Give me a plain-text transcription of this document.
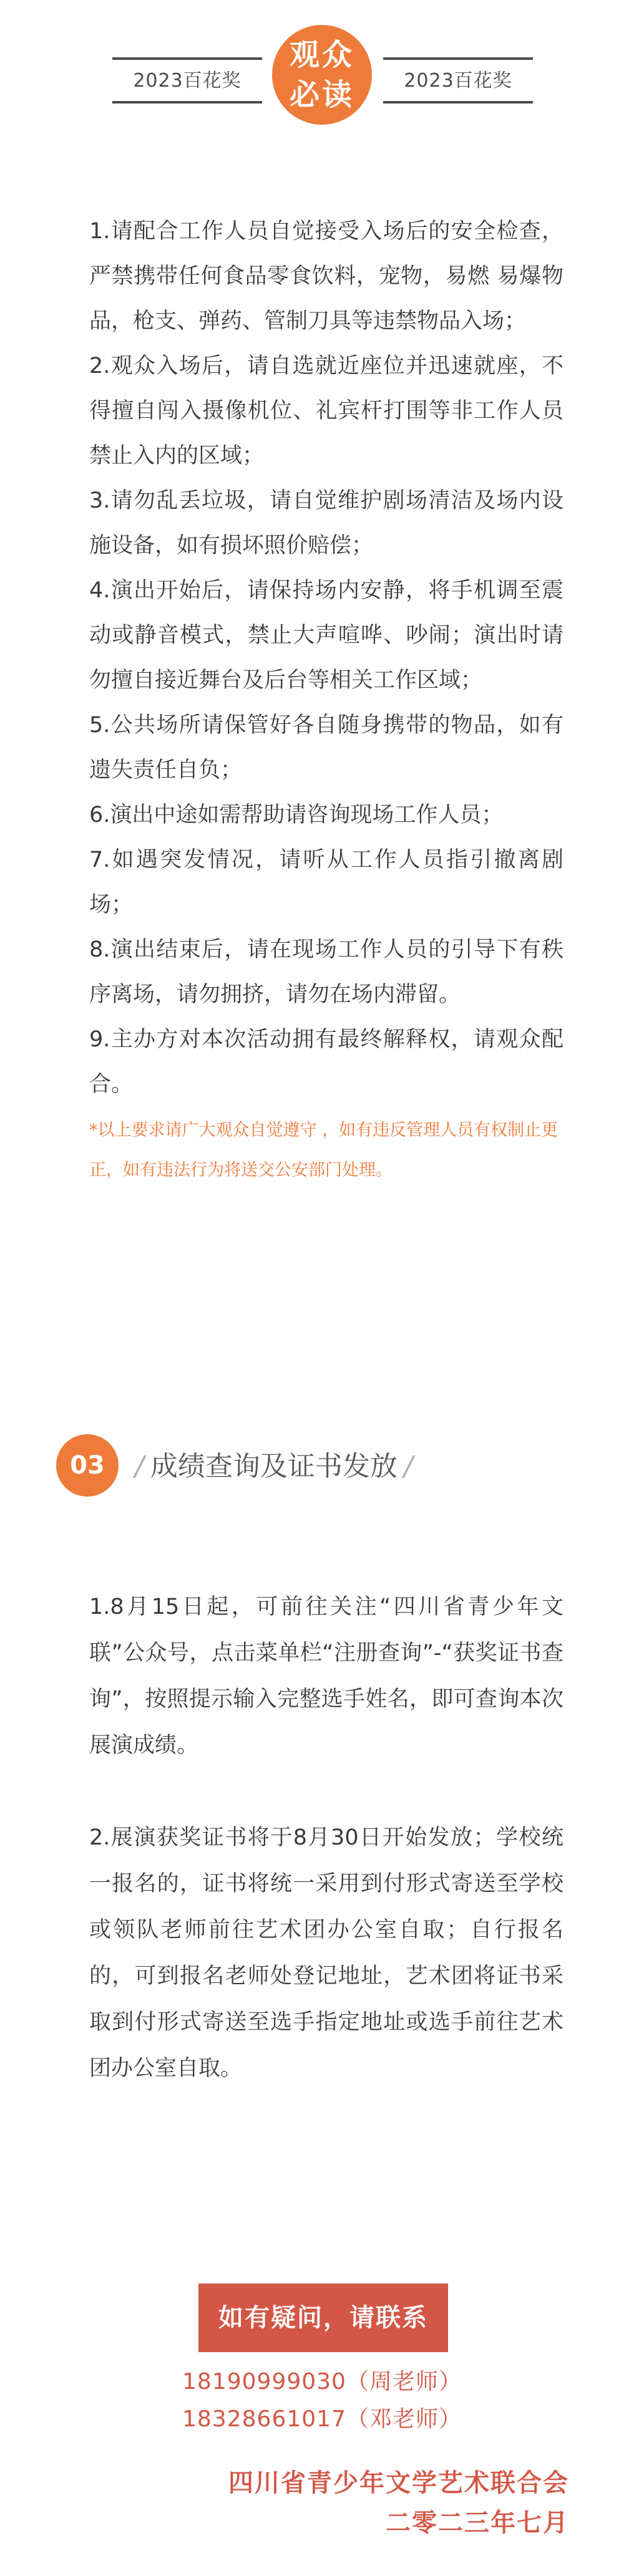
2023百花奖
观众
必读	2023百花奖

1.请配合工作人员自觉接受入场后的安全检查，严禁携带任何食品零食饮料，宠物，易燃 易爆物品，枪支、弹药、管制刀具等违禁物品入场；

2.观众入场后，请自选就近座位并迅速就座，不得擅自闯入摄像机位、礼宾杆打围等非工作人员禁止入内的区域；

3.请勿乱丢垃圾，请自觉维护剧场清洁及场内设施设备，如有损坏照价赔偿；

4.演出开始后，请保持场内安静，将手机调至震动或静音模式，禁止大声喧哗、吵闹；演出时请勿擅自接近舞台及后台等相关工作区域；

5.公共场所请保管好各自随身携带的物品，如有遗失责任自负；

6.演出中途如需帮助请咨询现场工作人员；

7.如遇突发情况，请听从工作人员指引撤离剧场；

8.演出结束后，请在现场工作人员的引导下有秩序离场，请勿拥挤，请勿在场内滞留。

9.主办方对本次活动拥有最终解释权，请观众配合。

*以上要求请广大观众自觉遵守 ，如有违反管理人员有权制止更正，如有违法行为将送交公安部门处理。
03	/ 成绩查询及证书发放 /

1.8月15日起，可前往关注“四川省青少年文联”公众号，点击菜单栏“注册查询”-“获奖证书查询”，按照提示输入完整选手姓名，即可查询本次展演成绩。

2.展演获奖证书将于8月30日开始发放；学校统一报名的，证书将统一采用到付形式寄送至学校或领队老师前往艺术团办公室自取；自行报名的，可到报名老师处登记地址，艺术团将证书采取到付形式寄送至选手指定地址或选手前往艺术团办公室自取。

如有疑问，请联系
18190999030（周老师）
18328661017（邓老师）
四川省青少年文学艺术联合会
二零二三年七月
